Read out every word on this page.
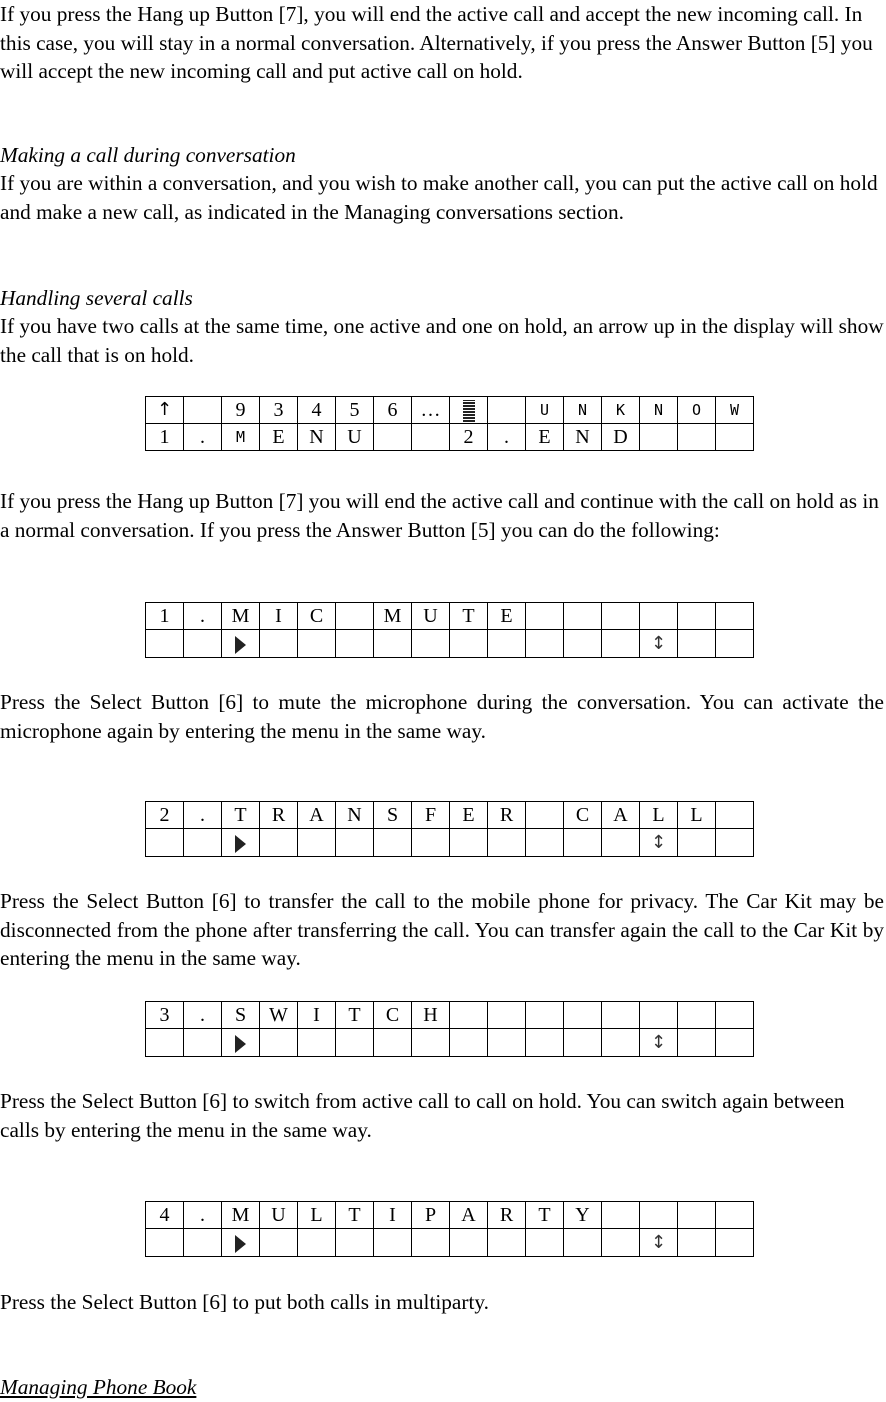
If you press the Hang up Button [7], you will end the active call and accept the new incoming call. In this case, you will stay in a normal conversation. Alternatively, if you press the Answer Button [5] you will accept the new incoming call and put active call on hold.

Making a call during conversation

If you are within a conversation, and you wish to make another call, you can put the active call on hold and make a new call, as indicated in the Managing conversations section.

Handling several calls

If you have two calls at the same time, one active and one on hold, an arrow up in the display will show the call that is on hold.

↑		9	3	4	5	6	…			U	N	K	N	O	W
1	.	M	E	N	U			2	.	E	N	D			

If you press the Hang up Button [7] you will end the active call and continue with the call on hold as in a normal conversation. If you press the Answer Button [5] you can do the following:

1	.	M	I	C		M	U	T	E						
													↕		

Press the Select Button [6] to mute the microphone during the conversation. You can activate the microphone again by entering the menu in the same way.

2	.	T	R	A	N	S	F	E	R		C	A	L	L	
													↕		

Press the Select Button [6] to transfer the call to the mobile phone for privacy. The Car Kit may be disconnected from the phone after transferring the call. You can transfer again the call to the Car Kit by entering the menu in the same way.

3	.	S	W	I	T	C	H								
													↕		

Press the Select Button [6] to switch from active call to call on hold. You can switch again between calls by entering the menu in the same way.

4	.	M	U	L	T	I	P	A	R	T	Y				
													↕		

Press the Select Button [6] to put both calls in multiparty.

Managing Phone Book
